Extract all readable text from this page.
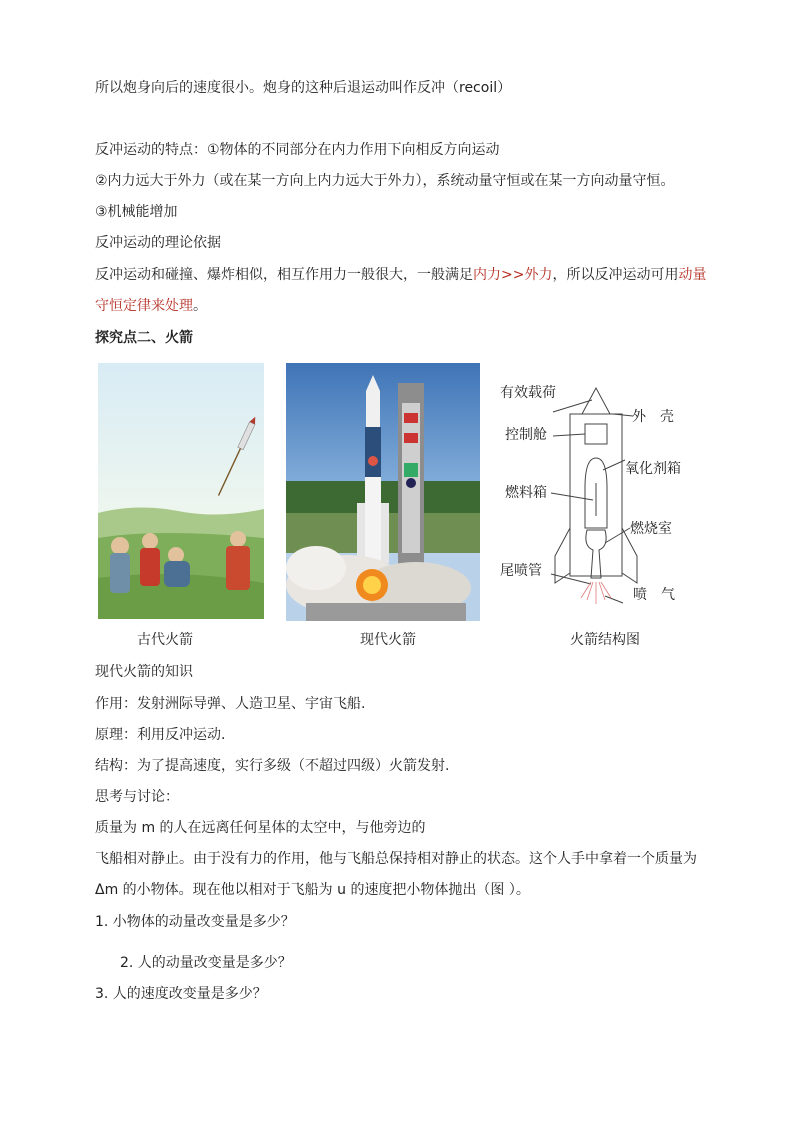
所以炮身向后的速度很小。炮身的这种后退运动叫作反冲（recoil）
反冲运动的特点：①物体的不同部分在内力作用下向相反方向运动
②内力远大于外力（或在某一方向上内力远大于外力），系统动量守恒或在某一方向动量守恒。
③机械能增加
反冲运动的理论依据
反冲运动和碰撞、爆炸相似，相互作用力一般很大，一般满足内力>>外力，所以反冲运动可用动量
守恒定律来处理。
探究点二、火箭
古代火箭	现代火箭
有效载荷
外　壳
控制舱
氧化剂箱
燃料箱
燃烧室
尾喷管
喷　气
火箭结构图
现代火箭的知识
作用：发射洲际导弹、人造卫星、宇宙飞船.
原理：利用反冲运动.
结构：为了提高速度，实行多级（不超过四级）火箭发射.
思考与讨论：
质量为 m 的人在远离任何星体的太空中，与他旁边的
飞船相对静止。由于没有力的作用，他与飞船总保持相对静止的状态。这个人手中拿着一个质量为
Δm 的小物体。现在他以相对于飞船为 u 的速度把小物体抛出（图 ）。
1. 小物体的动量改变量是多少？
2. 人的动量改变量是多少？
3. 人的速度改变量是多少？
